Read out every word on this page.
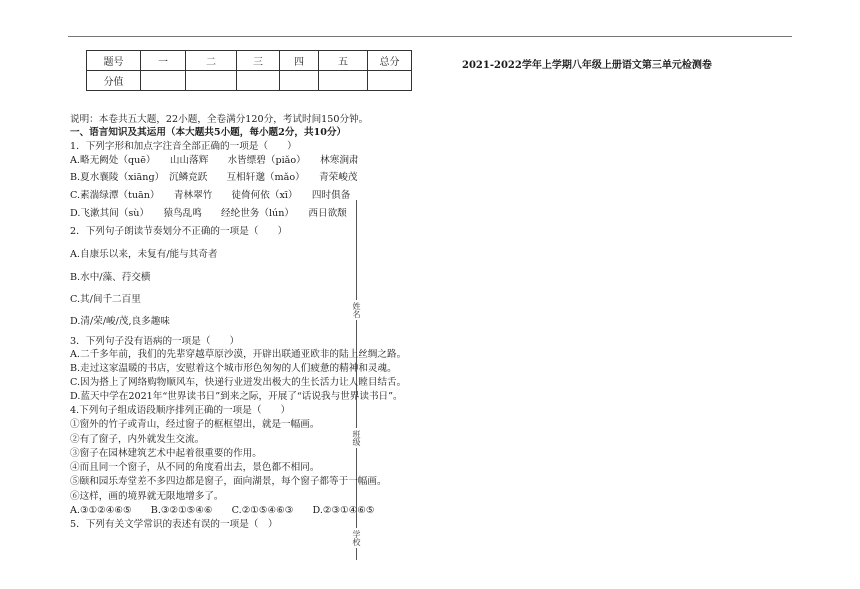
题号	一	二	三	四	五	总分
分值						
2021-2022学年上学期八年级上册语文第三单元检测卷
姓名
班级
学校
说明：本卷共五大题，22小题，全卷满分120分，考试时间150分钟。
一、语言知识及其运用（本大题共5小题，每小题2分，共10分）
1．下列字形和加点字注音全部正确的一项是（　　）
A.略无阙处（quē）　　山山落辉　　水皆缥碧（piǎo）　　林寒涧肃
B.夏水襄陵（xiāng）　沉鳞竞跃　　互相轩邈（mǎo）　　青荣峻茂
C.素湍绿潭（tuān）　　青林翠竹　　徒倚何依（xī）　　四时俱备
D.飞漱其间（sù）　　猿鸟乱鸣　　经纶世务（lún）　　西日欲颓
2．下列句子朗读节奏划分不正确的一项是（　　）
A.自康乐以来，未复有/能与其奇者
B.水中/藻、荇交横
C.其/间千二百里
D.清/荣/峻/茂,良多趣味
3．下列句子没有语病的一项是（　　）
A.二千多年前，我们的先辈穿越草原沙漠，开辟出联通亚欧非的陆上丝绸之路。
B.走过这家温暖的书店，安慰着这个城市形色匆匆的人们疲惫的精神和灵魂。
C.因为搭上了网络购物顺风车，快递行业迸发出极大的生长活力让人瞠目结舌。
D.蓝天中学在2021年“世界读书日”到来之际，开展了“话说我与世界读书日”。
4.下列句子组成语段顺序排列正确的一项是（　　）
①窗外的竹子或青山，经过窗子的框框望出，就是一幅画。
②有了窗子，内外就发生交流。
③窗子在园林建筑艺术中起着很重要的作用。
④而且同一个窗子，从不同的角度看出去，景色都不相同。
⑤颐和园乐寿堂差不多四边都是窗子，面向湖景，每个窗子都等于一幅画。
⑥这样，画的境界就无限地增多了。
A.③①②④⑥⑤　　B.③②①⑤④⑥　　C.②①⑤④⑥③　　D.②③①④⑥⑤
5．下列有关文学常识的表述有误的一项是（　）
